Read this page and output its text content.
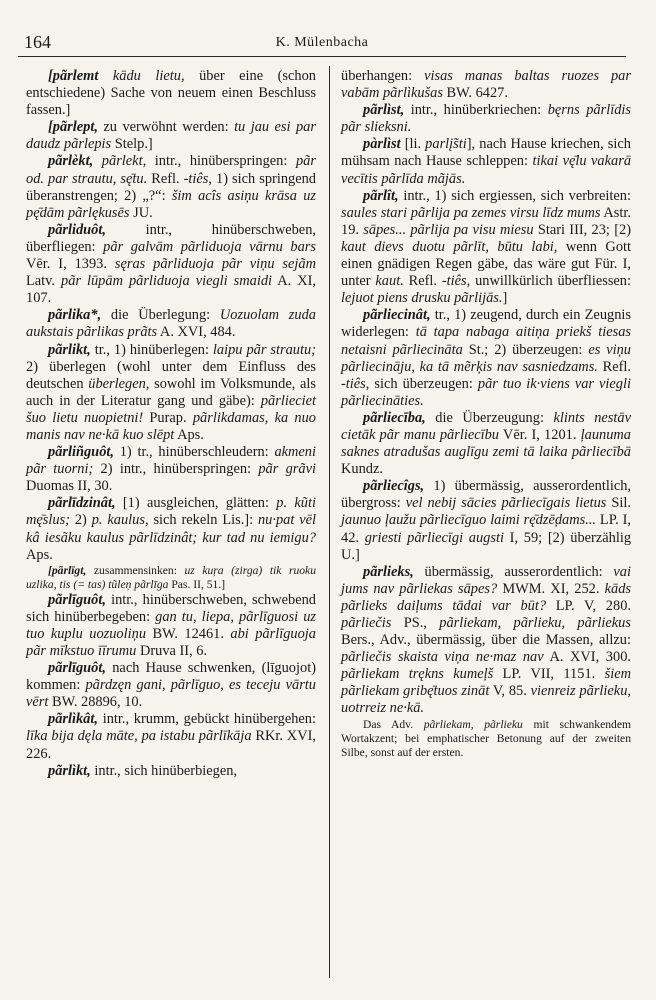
164	K. Mülenbacha
[pãrlemt kādu lietu, über eine (schon entschiedene) Sache von neuem einen Beschluss fassen.]
[pãrlept, zu verwöhnt werden: tu jau esi par daudz pãrlepis Stelp.]
pãrlèkt, pãrlekt, intr., hinüberspringen: pãr od. par strautu, sę̄tu. Refl. -tiês, 1) sich springend überanstrengen; 2) „?“: šim acîs asiņu krāsa uz pę̄dām pãrlękusēs JU.
pãrliduôt, intr., hinüberschweben, überfliegen: pãr galvām pãrliduoja vārnu bars Vēr. I, 1393. sęras pãrliduoja pãr viņu sejãm Latv. pãr lūpām pãrliduoja viegli smaidi A. XI, 107.
pãrlika*, die Überlegung: Uozuolam zuda aukstais pãrlikas prãts A. XVI, 484.
pãrlikt, tr., 1) hinüberlegen: laipu pãr strautu; 2) überlegen (wohl unter dem Einfluss des deutschen überlegen, sowohl im Volksmunde, als auch in der Literatur gang und gäbe): pãrlieciet šuo lietu nuopietni! Purap. pãrlikdamas, ka nuo manis nav ne·kā kuo slēpt Aps.
pãrliñguôt, 1) tr., hinüberschleudern: akmeni pãr tuorni; 2) intr., hinüberspringen: pãr grãvi Duomas II, 30.
pãrlīdzinât, [1) ausgleichen, glätten: p. kũti mę̄slus; 2) p. kaulus, sich rekeln Lis.]: nu·pat vēl kâ iesãku kaulus pãrlīdzinât; kur tad nu iemigu? Aps.
[pãrlīgt, zusammensinken: uz kuŗa (zirga) tik ruoku uzlika, tis (= tas) tũleņ pãrlīga Pas. II, 51.]
pãrlīguôt, intr., hinüberschweben, schwebend sich hinüberbegeben: gan tu, liepa, pãrlīguosi uz tuo kuplu uozuoliņu BW. 12461. abi pãrlīguoja pãr mīkstuo īīrumu Druva II, 6.
pãrlīguôt, nach Hause schwenken, (līguojot) kommen: pãrdzęn gani, pãrlīguo, es teceju vārtu vērt BW. 28896, 10.
pãrlìkât, intr., krumm, gebückt hinübergehen: līka bija dęla māte, pa istabu pãrlīkāja RKr. XVI, 226.
pãrlìkt, intr., sich hinüberbiegen,
überhangen: visas manas baltas ruozes par vabām pãrlìkušas BW. 6427.
pãrlìst, intr., hinüberkriechen: bęrns pãrlīdis pãr slieksni.
pàrlìst [li. parlį̃sti], nach Hause kriechen, sich mühsam nach Hause schleppen: tikai vę̄lu vakarā vecītis pãrlīda mãjās.
pãrlît, intr., 1) sich ergiessen, sich verbreiten: saules stari pãrlija pa zemes virsu līdz mums Astr. 19. sāpes... pãrlija pa visu miesu Stari III, 23; [2) kaut dievs duotu pãrlīt, būtu labi, wenn Gott einen gnädigen Regen gäbe, das wäre gut Für. I, unter kaut. Refl. -tiês, unwillkürlich überfliessen: lejuot piens drusku pãrlijās.]
pãrliecinât, tr., 1) zeugend, durch ein Zeugnis widerlegen: tā tapa nabaga aitiņa priekš tiesas netaisni pãrliecināta St.; 2) überzeugen: es viņu pãrliecināju, ka tā mẽrķis nav sasniedzams. Refl. -tiês, sich überzeugen: pãr tuo ik·viens var viegli pãrliecināties.
pãrliecība, die Überzeugung: klints nestāv cietāk pãr manu pãrliecību Vēr. I, 1201. ļaunuma saknes atradušas auglīgu zemi tā laika pãrliecībā Kundz.
pãrliecîgs, 1) übermässig, ausserordentlich, übergross: vel nebij sācies pãrliecīgais lietus Sil. jaunuo ļaužu pãrliecīguo laimi rę̄dzē̦dams... LP. I, 42. griesti pãrliecīgi augsti I, 59; [2) überzählig U.]
pãrlieks, übermässig, ausserordentlich: vai jums nav pãrliekas sāpes? MWM. XI, 252. kāds pãrlieks daiļums tādai var būt? LP. V, 280. pãrliečis PS., pãrliekam, pãrlieku, pãrliekus Bers., Adv., übermässig, über die Massen, allzu: pãrliečis skaista viņa ne·maz nav A. XVI, 300. pãrliekam trękns kumeļš LP. VII, 1151. šiem pãrliekam gribę̄tuos zināt V, 85. vienreiz pãrlieku, uotrreiz ne·kā.
Das Adv. pãrliekam, pãrlieku mit schwankendem Wortakzent; bei emphatischer Betonung auf der zweiten Silbe, sonst auf der ersten.
